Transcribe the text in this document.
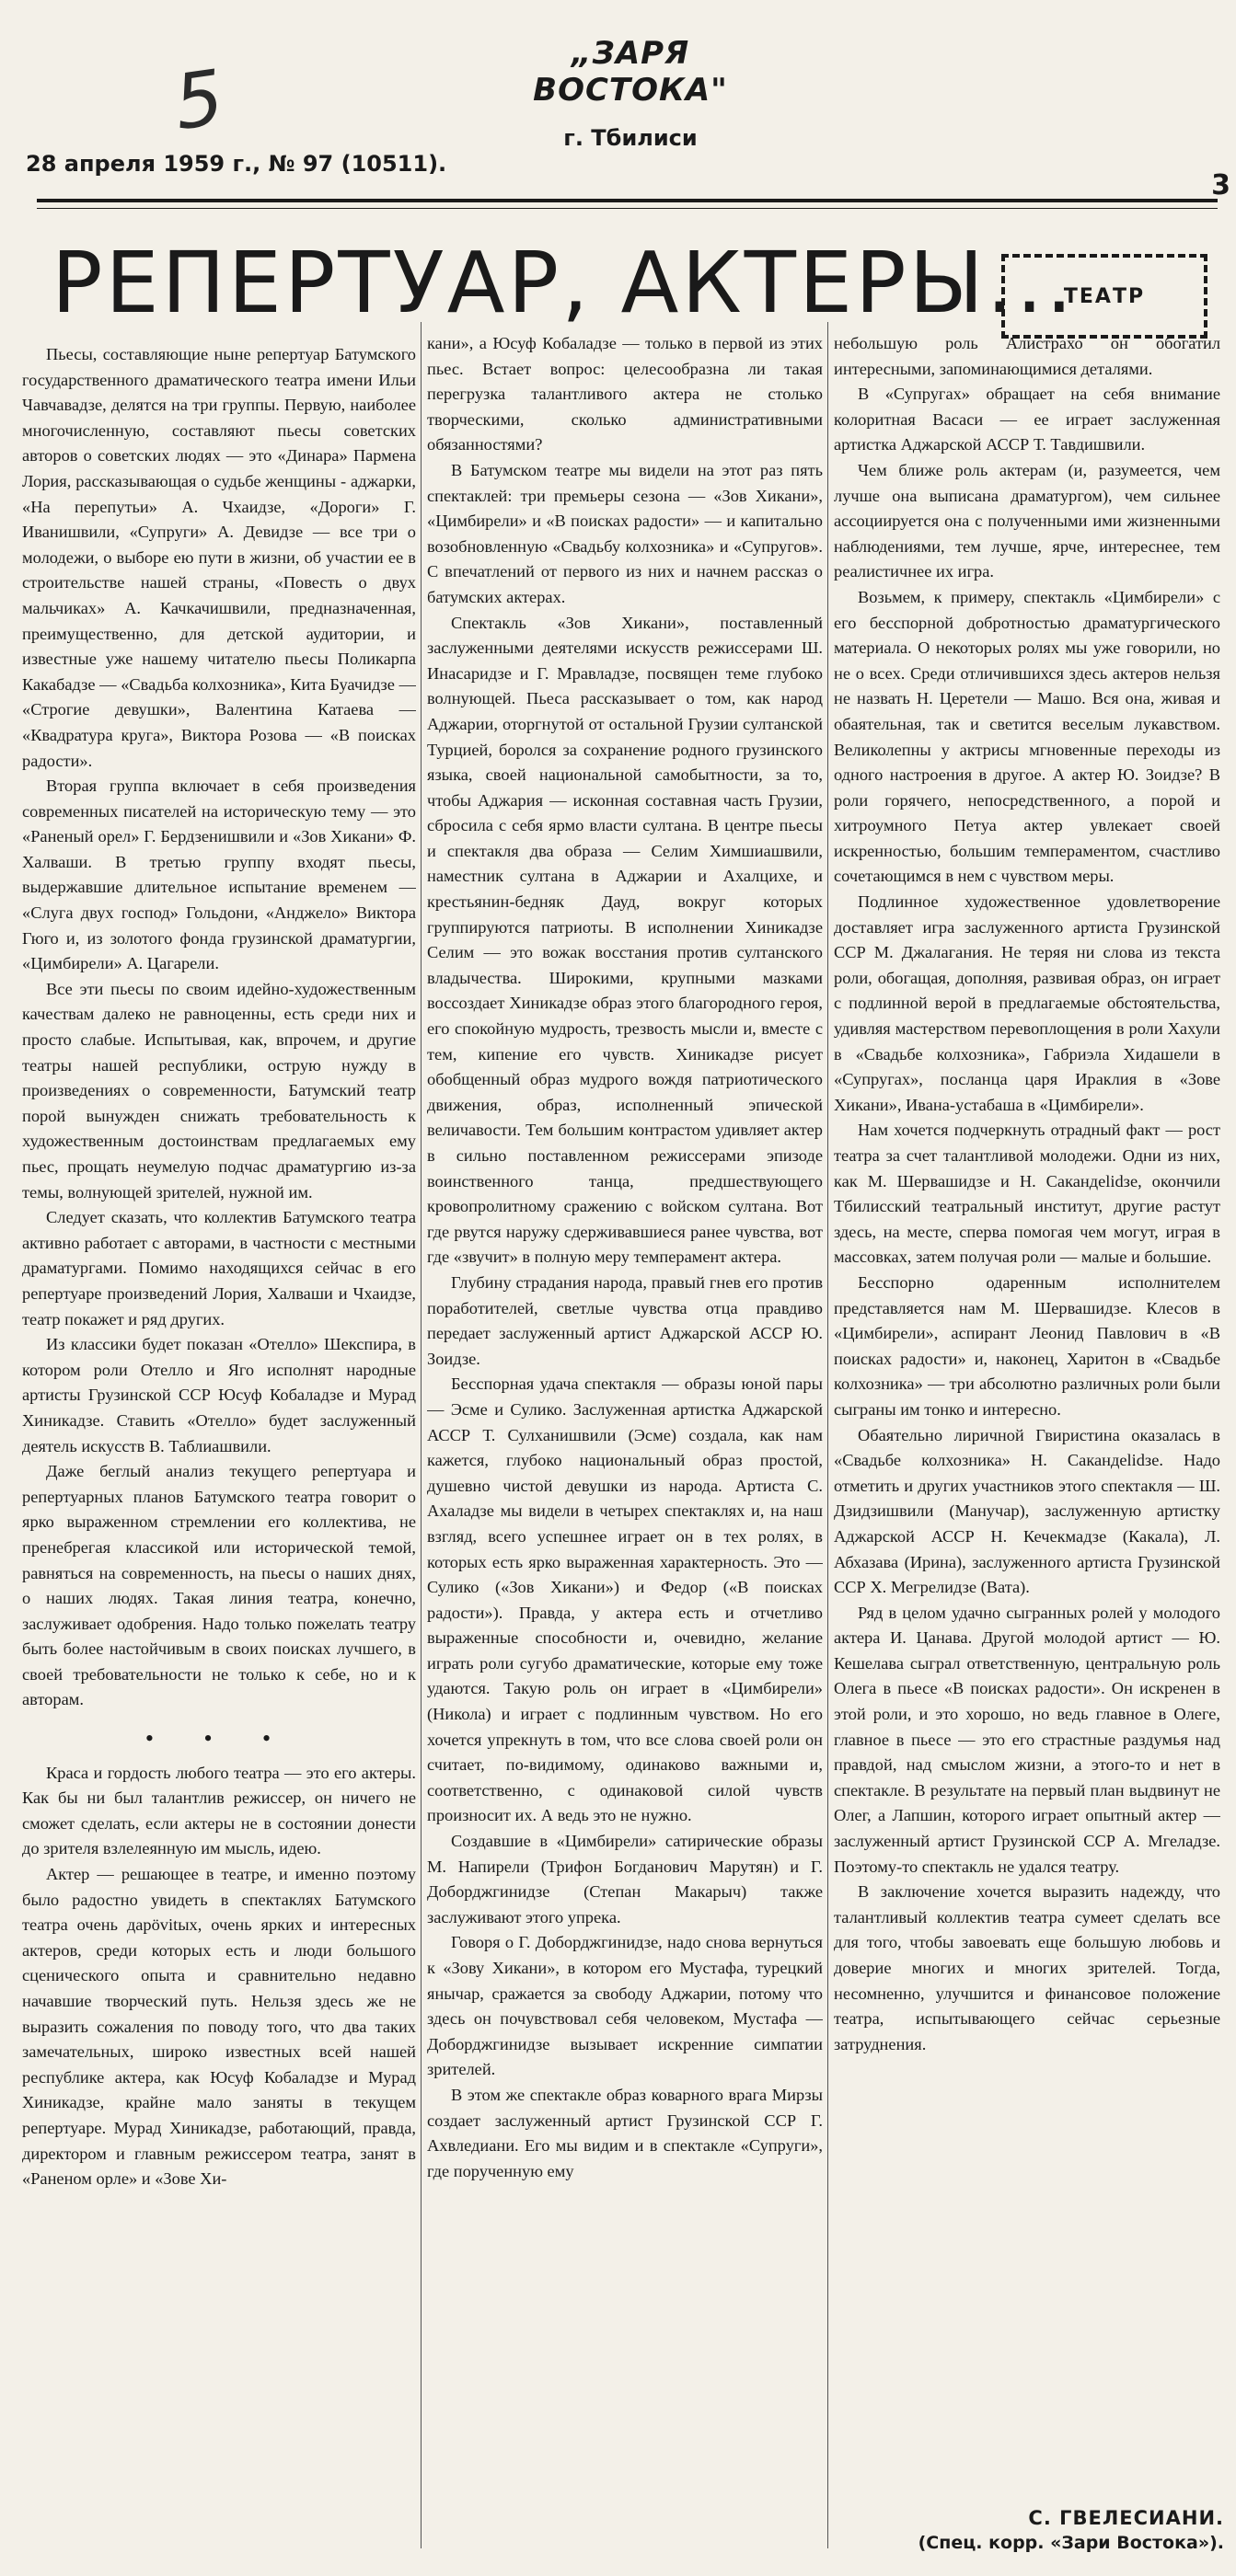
5
„ЗАРЯ ВОСТОКА"
г. Тбилиси
28 апреля 1959 г., № 97 (10511).
3
РЕПЕРТУАР, АКТЕРЫ...
ТЕАТР

Пьесы, составляющие ныне репертуар Батумского государственного драматического театра имени Ильи Чавчавадзе, делятся на три группы. Первую, наиболее многочисленную, составляют пьесы советских авторов о советских людях — это «Динара» Пармена Лория, рассказывающая о судьбе женщины - аджарки, «На перепутьи» А. Чхаидзе, «Дороги» Г. Иванишвили, «Супруги» А. Девидзе — все три о молодежи, о выборе ею пути в жизни, об участии ее в строительстве нашей страны, «Повесть о двух мальчиках» А. Качкачишвили, предназначенная, преимущественно, для детской аудитории, и известные уже нашему читателю пьесы Поликарпа Какабадзе — «Свадьба колхозника», Кита Буачидзе — «Строгие девушки», Валентина Катаева — «Квадратура круга», Виктора Розова — «В поисках радости».

Вторая группа включает в себя произведения современных писателей на историческую тему — это «Раненый орел» Г. Бердзенишвили и «Зов Хикани» Ф. Халваши. В третью группу входят пьесы, выдержавшие длительное испытание временем — «Слуга двух господ» Гольдони, «Анджело» Виктора Гюго и, из золотого фонда грузинской драматургии, «Цимбирели» А. Цагарели.

Все эти пьесы по своим идейно-художественным качествам далеко не равноценны, есть среди них и просто слабые. Испытывая, как, впрочем, и другие театры нашей республики, острую нужду в произведениях о современности, Батумский театр порой вынужден снижать требовательность к художественным достоинствам предлагаемых ему пьес, прощать неумелую подчас драматургию из-за темы, волнующей зрителей, нужной им.

Следует сказать, что коллектив Батумского театра активно работает с авторами, в частности с местными драматургами. Помимо находящихся сейчас в его репертуаре произведений Лория, Халваши и Чхаидзе, театр покажет и ряд других.

Из классики будет показан «Отелло» Шекспира, в котором роли Отелло и Яго исполнят народные артисты Грузинской ССР Юсуф Кобаладзе и Мурад Хиникадзе. Ставить «Отелло» будет заслуженный деятель искусств В. Таблиашвили.

Даже беглый анализ текущего репертуара и репертуарных планов Батумского театра говорит о ярко выраженном стремлении его коллектива, не пренебрегая классикой или исторической темой, равняться на современность, на пьесы о наших днях, о наших людях. Такая линия театра, конечно, заслуживает одобрения. Надо только пожелать театру быть более настойчивым в своих поисках лучшего, в своей требовательности не только к себе, но и к авторам.

• • •

Краса и гордость любого театра — это его актеры. Как бы ни был талантлив режиссер, он ничего не сможет сделать, если актеры не в состоянии донести до зрителя взлелеянную им мысль, идею.

Актер — решающее в театре, и именно поэтому было радостно увидеть в спектаклях Батумского театра очень дарövitых, очень ярких и интересных актеров, среди которых есть и люди большого сценического опыта и сравнительно недавно начавшие творческий путь. Нельзя здесь же не выразить сожаления по поводу того, что два таких замечательных, широко известных всей нашей республике актера, как Юсуф Кобаладзе и Мурад Хиникадзе, крайне мало заняты в текущем репертуаре. Мурад Хиникадзе, работающий, правда, директором и главным режиссером театра, занят в «Раненом орле» и «Зове Хи-

кани», а Юсуф Кобаладзе — только в первой из этих пьес. Встает вопрос: целесообразна ли такая перегрузка талантливого актера не столько творческими, сколько административными обязанностями?

В Батумском театре мы видели на этот раз пять спектаклей: три премьеры сезона — «Зов Хикани», «Цимбирели» и «В поисках радости» — и капитально возобновленную «Свадьбу колхозника» и «Супругов». С впечатлений от первого из них и начнем рассказ о батумских актерах.

Спектакль «Зов Хикани», поставленный заслуженными деятелями искусств режиссерами Ш. Инасаридзе и Г. Мравладзе, посвящен теме глубоко волнующей. Пьеса рассказывает о том, как народ Аджарии, оторгнутой от остальной Грузии султанской Турцией, боролся за сохранение родного грузинского языка, своей национальной самобытности, за то, чтобы Аджария — исконная составная часть Грузии, сбросила с себя ярмо власти султана. В центре пьесы и спектакля два образа — Селим Химшиашвили, наместник султана в Аджарии и Ахалцихе, и крестьянин-бедняк Дауд, вокруг которых группируются патриоты. В исполнении Хиникадзе Селим — это вожак восстания против султанского владычества. Широкими, крупными мазками воссоздает Хиникадзе образ этого благородного героя, его спокойную мудрость, трезвость мысли и, вместе с тем, кипение его чувств. Хиникадзе рисует обобщенный образ мудрого вождя патриотического движения, образ, исполненный эпической величавости. Тем большим контрастом удивляет актер в сильно поставленном режиссерами эпизоде воинственного танца, предшествующего кровопролитному сражению с войском султана. Вот где рвутся наружу сдерживавшиеся ранее чувства, вот где «звучит» в полную меру темперамент актера.

Глубину страдания народа, правый гнев его против поработителей, светлые чувства отца правдиво передает заслуженный артист Аджарской АССР Ю. Зоидзе.

Бесспорная удача спектакля — образы юной пары — Эсме и Сулико. Заслуженная артистка Аджарской АССР Т. Сулханишвили (Эсме) создала, как нам кажется, глубоко национальный образ простой, душевно чистой девушки из народа. Артиста С. Ахаладзе мы видели в четырех спектаклях и, на наш взгляд, всего успешнее играет он в тех ролях, в которых есть ярко выраженная характерность. Это — Сулико («Зов Хикани») и Федор («В поисках радости»). Правда, у актера есть и отчетливо выраженные способности и, очевидно, желание играть роли сугубо драматические, которые ему тоже удаются. Такую роль он играет в «Цимбирели» (Никола) и играет с подлинным чувством. Но его хочется упрекнуть в том, что все слова своей роли он считает, по-видимому, одинаково важными и, соответственно, с одинаковой силой чувств произносит их. А ведь это не нужно.

Создавшие в «Цимбирели» сатирические образы М. Напирели (Трифон Богданович Марутян) и Г. Доборджгинидзе (Степан Макарыч) также заслуживают этого упрека.

Говоря о Г. Доборджгинидзе, надо снова вернуться к «Зову Хикани», в котором его Мустафа, турецкий янычар, сражается за свободу Аджарии, потому что здесь он почувствовал себя человеком, Мустафа — Доборджгинидзе вызывает искренние симпатии зрителей.

В этом же спектакле образ коварного врага Мирзы создает заслуженный артист Грузинской ССР Г. Ахвледиани. Его мы видим и в спектакле «Супруги», где порученную ему

небольшую роль Алистрахо он обогатил интересными, запоминающимися деталями.

В «Супругах» обращает на себя внимание колоритная Васаси — ее играет заслуженная артистка Аджарской АССР Т. Тавдишвили.

Чем ближе роль актерам (и, разумеется, чем лучше она выписана драматургом), чем сильнее ассоциируется она с полученными ими жизненными наблюдениями, тем лучше, ярче, интереснее, тем реалистичнее их игра.

Возьмем, к примеру, спектакль «Цимбирели» с его бесспорной добротностью драматургического материала. О некоторых ролях мы уже говорили, но не о всех. Среди отличившихся здесь актеров нельзя не назвать Н. Церетели — Машо. Вся она, живая и обаятельная, так и светится веселым лукавством. Великолепны у актрисы мгновенные переходы из одного настроения в другое. А актер Ю. Зоидзе? В роли горячего, непосредственного, а порой и хитроумного Петуа актер увлекает своей искренностью, большим темпераментом, счастливо сочетающимся в нем с чувством меры.

Подлинное художественное удовлетворение доставляет игра заслуженного артиста Грузинской ССР М. Джалагания. Не теряя ни слова из текста роли, обогащая, дополняя, развивая образ, он играет с подлинной верой в предлагаемые обстоятельства, удивляя мастерством перевоплощения в роли Хахули в «Свадьбе колхозника», Габриэла Хидашели в «Супругах», посланца царя Ираклия в «Зове Хикани», Ивана-устабаша в «Цимбирели».

Нам хочется подчеркнуть отрадный факт — рост театра за счет талантливой молодежи. Одни из них, как М. Шервашидзе и Н. Сакандelidзе, окончили Тбилисский театральный институт, другие растут здесь, на месте, сперва помогая чем могут, играя в массовках, затем получая роли — малые и большие.

Бесспорно одаренным исполнителем представляется нам М. Шервашидзе. Клесов в «Цимбирели», аспирант Леонид Павлович в «В поисках радости» и, наконец, Харитон в «Свадьбе колхозника» — три абсолютно различных роли были сыграны им тонко и интересно.

Обаятельно лиричной Гвиристина оказалась в «Свадьбе колхозника» Н. Сакандelidзе. Надо отметить и других участников этого спектакля — Ш. Дзидзишвили (Манучар), заслуженную артистку Аджарской АССР Н. Кечекмадзе (Какала), Л. Абхазава (Ирина), заслуженного артиста Грузинской ССР Х. Мегрелидзе (Вата).

Ряд в целом удачно сыгранных ролей у молодого актера И. Цанава. Другой молодой артист — Ю. Кешелава сыграл ответственную, центральную роль Олега в пьесе «В поисках радости». Он искренен в этой роли, и это хорошо, но ведь главное в Олеге, главное в пьесе — это его страстные раздумья над правдой, над смыслом жизни, а этого-то и нет в спектакле. В результате на первый план выдвинут не Олег, а Лапшин, которого играет опытный актер — заслуженный артист Грузинской ССР А. Мгеладзе. Поэтому-то спектакль не удался театру.

В заключение хочется выразить надежду, что талантливый коллектив театра сумеет сделать все для того, чтобы завоевать еще большую любовь и доверие многих и многих зрителей. Тогда, несомненно, улучшится и финансовое положение театра, испытывающего сейчас серьезные затруднения.

С. ГВЕЛЕСИАНИ.
(Спец. корр. «Зари Востока»).
